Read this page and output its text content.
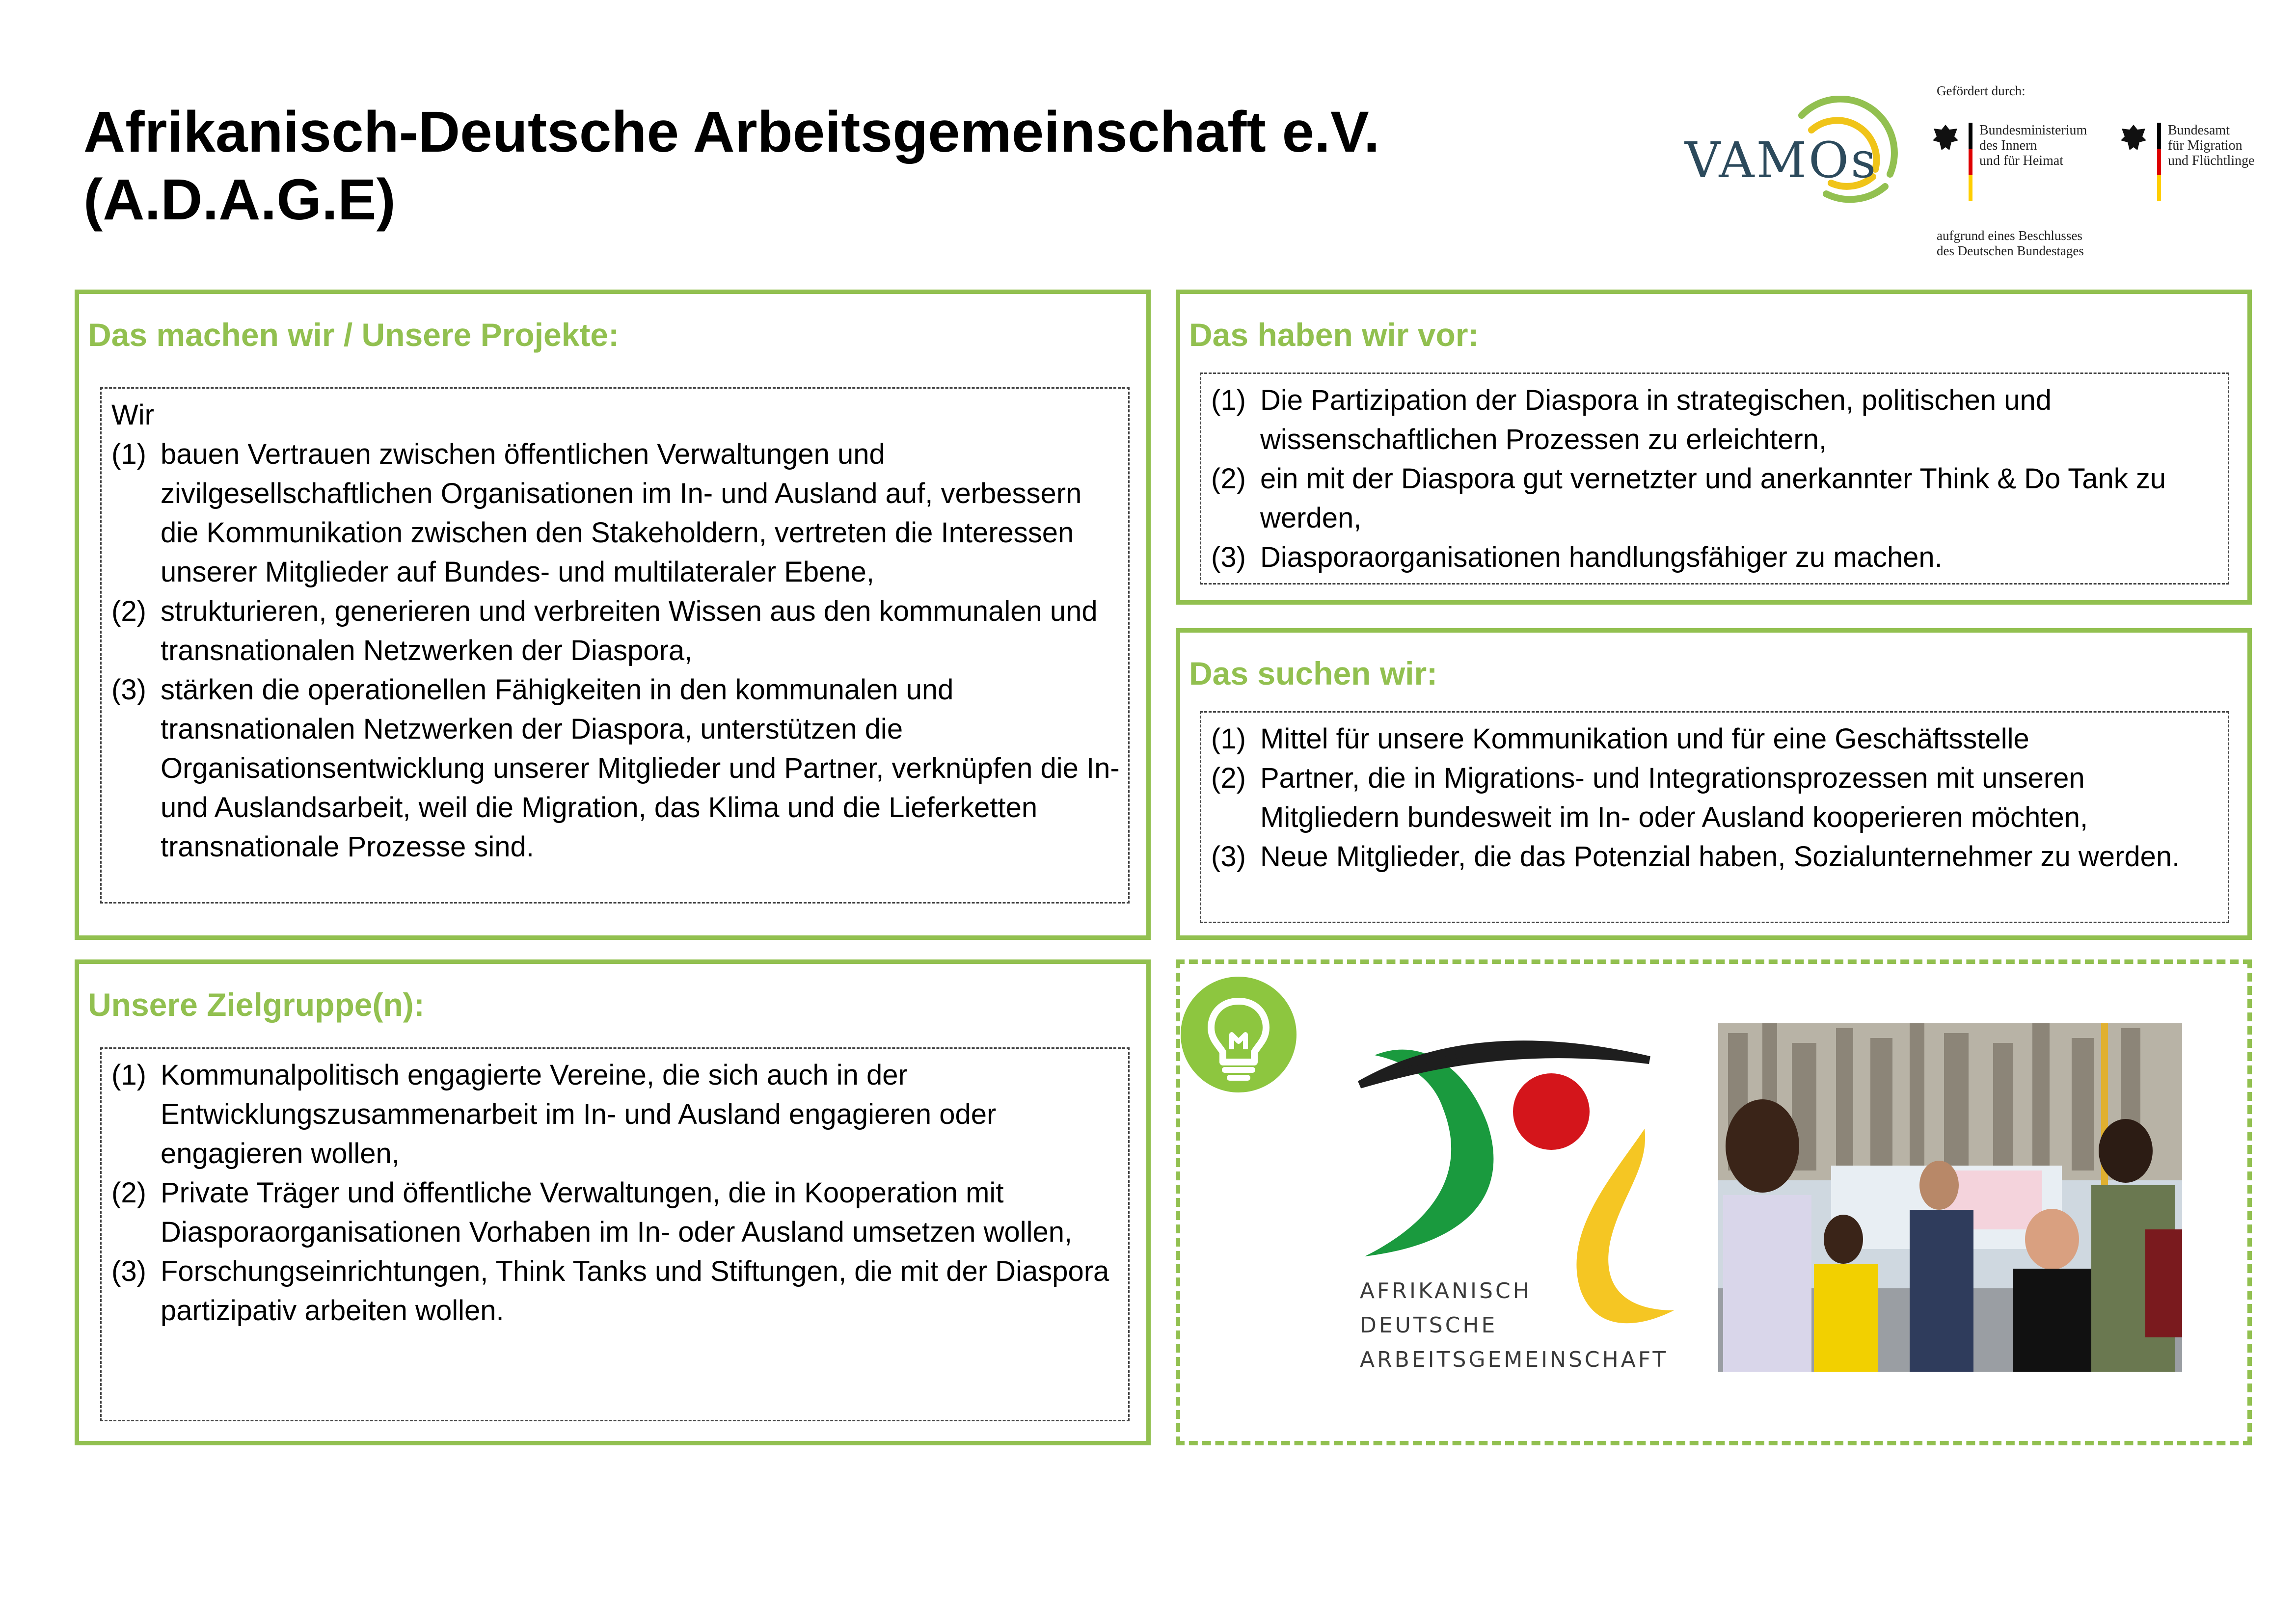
Afrikanisch-Deutsche Arbeitsgemeinschaft e.V.
(A.D.A.G.E)
VAMOs
Gefördert durch:
Bundesministerium
des Innern
und für Heimat
Bundesamt
für Migration
und Flüchtlinge
aufgrund eines Beschlusses
des Deutschen Bundestages
Das machen wir / Unsere Projekte:

Wir

(1) bauen Vertrauen zwischen öffentlichen Verwaltungen und zivilgesellschaftlichen Organisationen im In- und Ausland auf, verbessern die Kommunikation zwischen den Stakeholdern, vertreten die Interessen unserer Mitglieder auf Bundes- und multilateraler Ebene,
(2) strukturieren, generieren und verbreiten Wissen aus den kommunalen und transnationalen Netzwerken der Diaspora,
(3) stärken die operationellen Fähigkeiten in den kommunalen und transnationalen Netzwerken der Diaspora, unterstützen die Organisationsentwicklung unserer Mitglieder und Partner, verknüpfen die In- und Auslandsarbeit, weil die Migration, das Klima und die Lieferketten transnationale Prozesse sind.
Das haben wir vor:
(1) Die Partizipation der Diaspora in strategischen, politischen und wissenschaftlichen Prozessen zu erleichtern,
(2) ein mit der Diaspora gut vernetzter und anerkannter Think & Do Tank zu werden,
(3) Diasporaorganisationen handlungsfähiger zu machen.
Das suchen wir:
(1) Mittel für unsere Kommunikation und für eine Geschäftsstelle
(2) Partner, die in Migrations- und Integrationsprozessen mit unseren Mitgliedern bundesweit im In- oder Ausland kooperieren möchten,
(3) Neue Mitglieder, die das Potenzial haben, Sozialunternehmer zu werden.
Unsere Zielgruppe(n):
(1) Kommunalpolitisch engagierte Vereine, die sich auch in der Entwicklungszusammenarbeit im In- und Ausland engagieren oder engagieren wollen,
(2) Private Träger und öffentliche Verwaltungen, die in Kooperation mit Diasporaorganisationen Vorhaben im In- oder Ausland umsetzen wollen,
(3) Forschungseinrichtungen, Think Tanks und Stiftungen, die mit der Diaspora partizipativ arbeiten wollen.
AFRIKANISCH
DEUTSCHE
ARBEITSGEMEINSCHAFT
